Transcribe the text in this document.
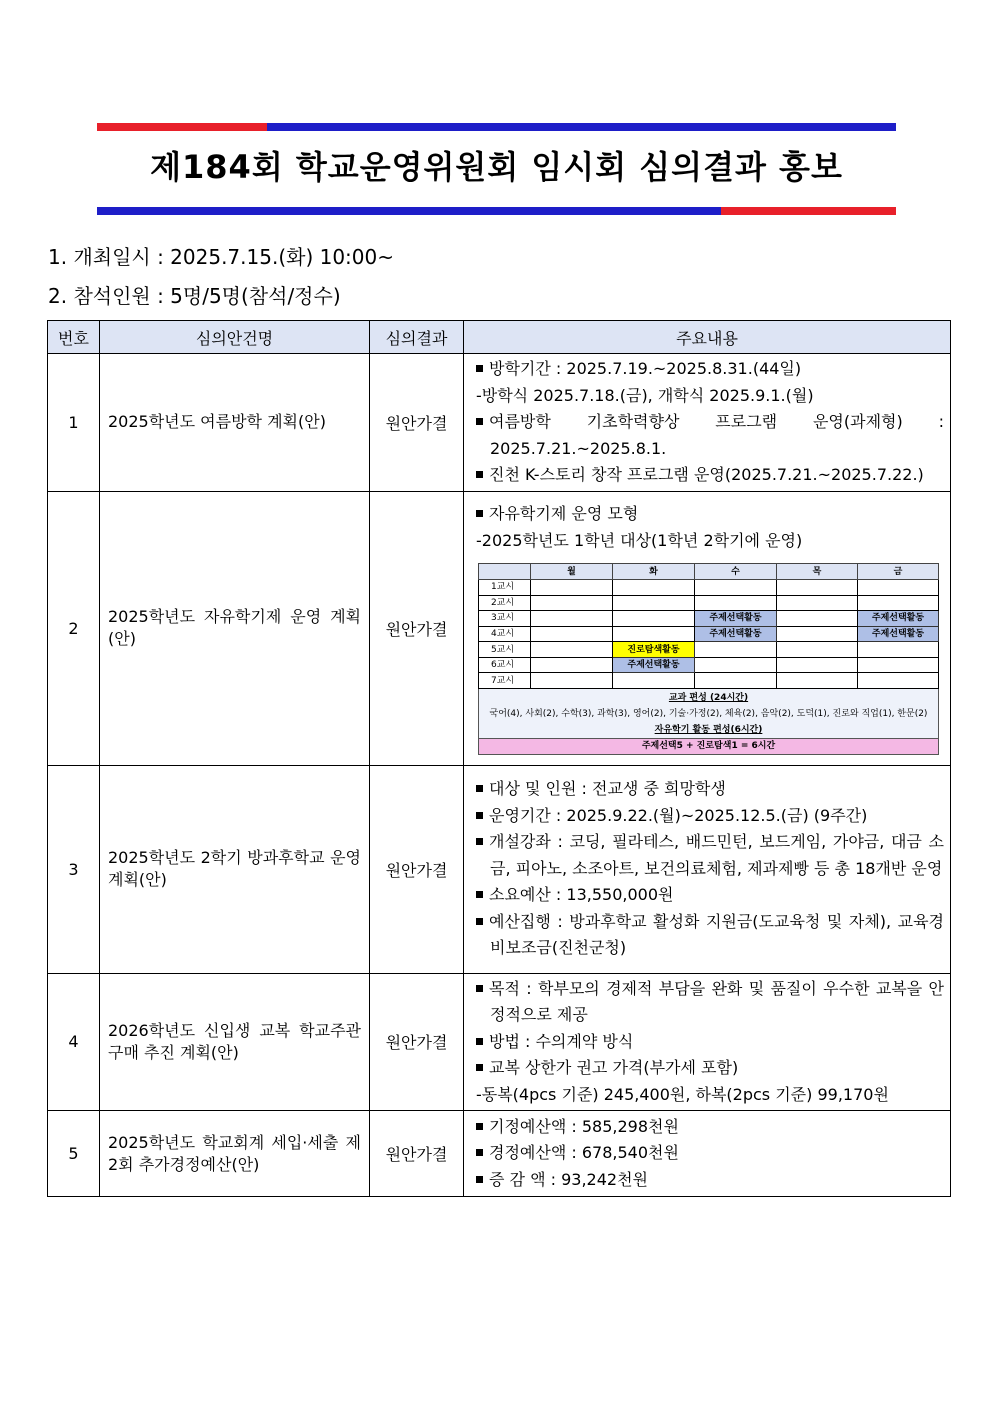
제184회 학교운영위원회 임시회 심의결과 홍보
1. 개최일시 : 2025.7.15.(화) 10:00~
2. 참석인원 : 5명/5명(참석/정수)
번호	심의안건명	심의결과	주요내용
1	2025학년도 여름방학 계획(안)	원안가결	
방학기간 : 2025.7.19.~2025.8.31.(44일)
-방학식 2025.7.18.(금), 개학식 2025.9.1.(월)
여름방학 기초학력향상 프로그램 운영(과제형) : 2025.7.21.~2025.8.1.
진천 K-스토리 창작 프로그램 운영(2025.7.21.~2025.7.22.)

2	2025학년도 자유학기제 운영 계획(안)	원안가결	
자유학기제 운영 모형
-2025학년도 1학년 대상(1학년 2학기에 운영)
	월	화	수	목	금
1교시					
2교시					
3교시			주제선택활동		주제선택활동
4교시			주제선택활동		주제선택활동
5교시		진로탐색활동			
6교시		주제선택활동			
7교시					

교과 편성 (24시간)
국어(4), 사회(2), 수학(3), 과학(3), 영어(2), 기술·가정(2), 체육(2), 음악(2), 도덕(1), 진로와 직업(1), 한문(2)
자유학기 활동 편성(6시간)

주제선택5 + 진로탐색1 = 6시간

3	2025학년도 2학기 방과후학교 운영 계획(안)	원안가결	
대상 및 인원 : 전교생 중 희망학생
운영기간 : 2025.9.22.(월)~2025.12.5.(금) (9주간)
개설강좌 : 코딩, 필라테스, 배드민턴, 보드게임, 가야금, 대금 소금, 피아노, 소조아트, 보건의료체험, 제과제빵 등 총 18개반 운영
소요예산 : 13,550,000원
예산집행 : 방과후학교 활성화 지원금(도교육청 및 자체), 교육경비보조금(진천군청)

4	2026학년도 신입생 교복 학교주관구매 추진 계획(안)	원안가결	
목적 : 학부모의 경제적 부담을 완화 및 품질이 우수한 교복을 안정적으로 제공
방법 : 수의계약 방식
교복 상한가 권고 가격(부가세 포함)
-동복(4pcs 기준) 245,400원, 하복(2pcs 기준) 99,170원

5	2025학년도 학교회계 세입·세출 제2회 추가경정예산(안)	원안가결	
기정예산액 : 585,298천원
경정예산액 : 678,540천원
증 감 액 : 93,242천원
